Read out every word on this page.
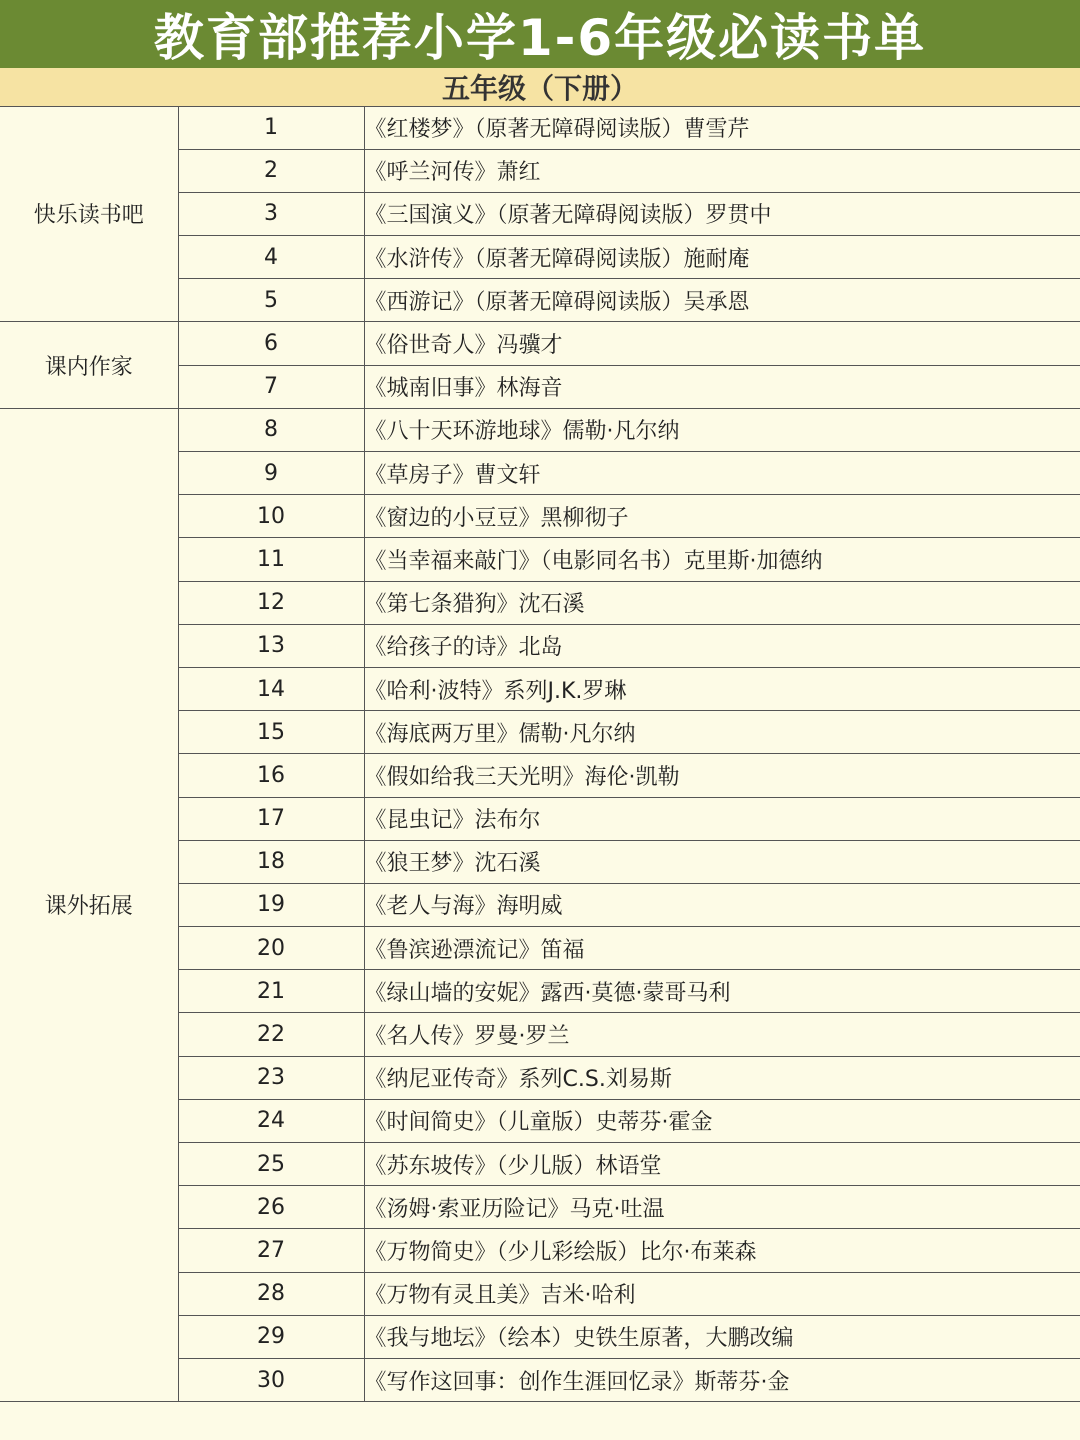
教育部推荐小学1-6年级必读书单
五年级（下册）
快乐读书吧	1	《红楼梦》（原著无障碍阅读版）曹雪芹
	2	《呼兰河传》萧红
	3	《三国演义》（原著无障碍阅读版）罗贯中
	4	《水浒传》（原著无障碍阅读版）施耐庵
	5	《西游记》（原著无障碍阅读版）吴承恩
课内作家	6	《俗世奇人》冯骥才
	7	《城南旧事》林海音
课外拓展	8	《八十天环游地球》儒勒·凡尔纳
	9	《草房子》曹文轩
	10	《窗边的小豆豆》黑柳彻子
	11	《当幸福来敲门》（电影同名书）克里斯·加德纳
	12	《第七条猎狗》沈石溪
	13	《给孩子的诗》北岛
	14	《哈利·波特》系列J.K.罗琳
	15	《海底两万里》儒勒·凡尔纳
	16	《假如给我三天光明》海伦·凯勒
	17	《昆虫记》法布尔
	18	《狼王梦》沈石溪
	19	《老人与海》海明威
	20	《鲁滨逊漂流记》笛福
	21	《绿山墙的安妮》露西·莫德·蒙哥马利
	22	《名人传》罗曼·罗兰
	23	《纳尼亚传奇》系列C.S.刘易斯
	24	《时间简史》（儿童版）史蒂芬·霍金
	25	《苏东坡传》（少儿版）林语堂
	26	《汤姆·索亚历险记》马克·吐温
	27	《万物简史》（少儿彩绘版）比尔·布莱森
	28	《万物有灵且美》吉米·哈利
	29	《我与地坛》（绘本）史铁生原著，大鹏改编
	30	《写作这回事：创作生涯回忆录》斯蒂芬·金
